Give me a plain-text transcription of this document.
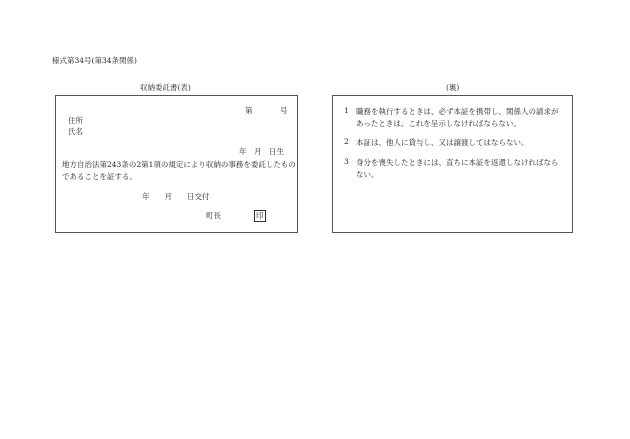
様式第34号(第34条関係)
収納委託書(表)
第	号
住所
氏名
年　月　日生
地方自治法第243条の2第1項の規定により収納の事務を委託したものであることを証する。
年　　月　　日交付
町長	印
(裏)
1 職務を執行するときは、必ず本証を携帯し、関係人の請求があったときは、これを呈示しなければならない。
2 本証は、他人に貸与し、又は譲渡してはならない。
3 身分を喪失したときには、直ちに本証を返還しなければならない。
